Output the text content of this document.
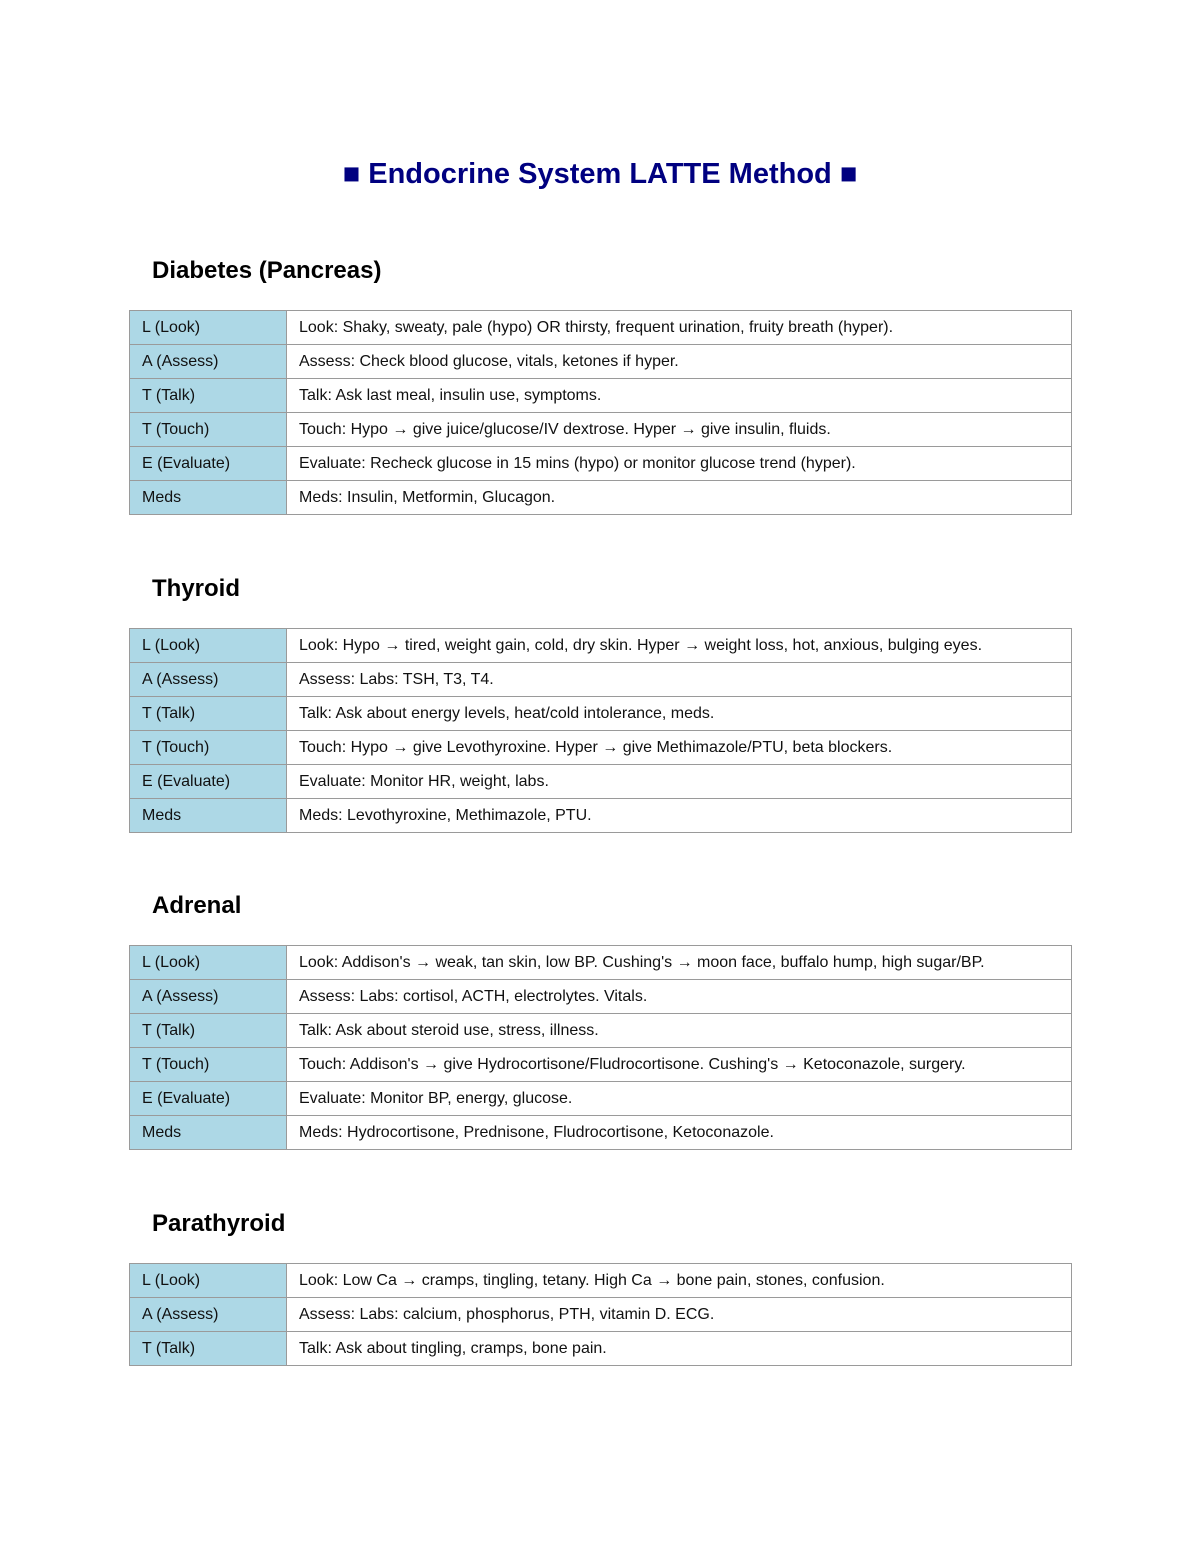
■ Endocrine System LATTE Method ■
Diabetes (Pancreas)
L (Look)	Look: Shaky, sweaty, pale (hypo) OR thirsty, frequent urination, fruity breath (hyper).
A (Assess)	Assess: Check blood glucose, vitals, ketones if hyper.
T (Talk)	Talk: Ask last meal, insulin use, symptoms.
T (Touch)	Touch: Hypo → give juice/glucose/IV dextrose. Hyper → give insulin, fluids.
E (Evaluate)	Evaluate: Recheck glucose in 15 mins (hypo) or monitor glucose trend (hyper).
Meds	Meds: Insulin, Metformin, Glucagon.
Thyroid
L (Look)	Look: Hypo → tired, weight gain, cold, dry skin. Hyper → weight loss, hot, anxious, bulging eyes.
A (Assess)	Assess: Labs: TSH, T3, T4.
T (Talk)	Talk: Ask about energy levels, heat/cold intolerance, meds.
T (Touch)	Touch: Hypo → give Levothyroxine. Hyper → give Methimazole/PTU, beta blockers.
E (Evaluate)	Evaluate: Monitor HR, weight, labs.
Meds	Meds: Levothyroxine, Methimazole, PTU.
Adrenal
L (Look)	Look: Addison's → weak, tan skin, low BP. Cushing's → moon face, buffalo hump, high sugar/BP.
A (Assess)	Assess: Labs: cortisol, ACTH, electrolytes. Vitals.
T (Talk)	Talk: Ask about steroid use, stress, illness.
T (Touch)	Touch: Addison's → give Hydrocortisone/Fludrocortisone. Cushing's → Ketoconazole, surgery.
E (Evaluate)	Evaluate: Monitor BP, energy, glucose.
Meds	Meds: Hydrocortisone, Prednisone, Fludrocortisone, Ketoconazole.
Parathyroid
L (Look)	Look: Low Ca → cramps, tingling, tetany. High Ca → bone pain, stones, confusion.
A (Assess)	Assess: Labs: calcium, phosphorus, PTH, vitamin D. ECG.
T (Talk)	Talk: Ask about tingling, cramps, bone pain.
